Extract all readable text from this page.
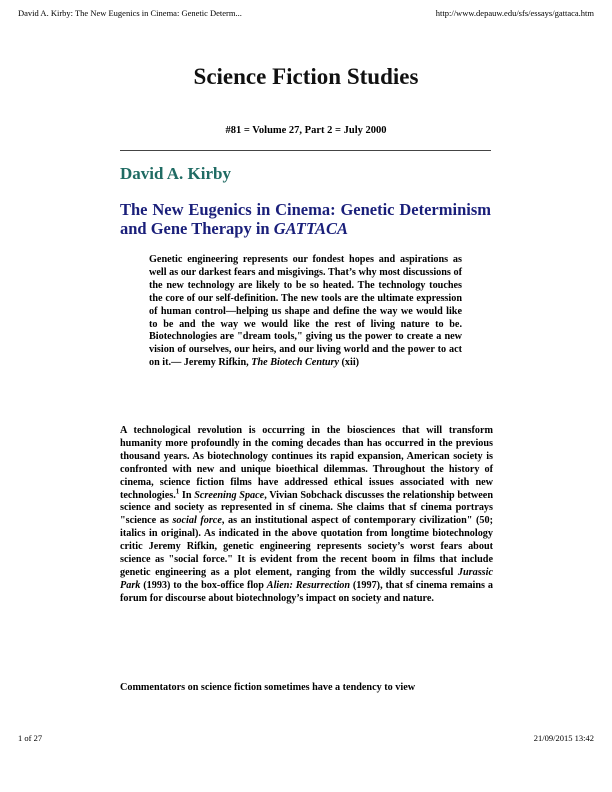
David A. Kirby: The New Eugenics in Cinema: Genetic Determ...	http://www.depauw.edu/sfs/essays/gattaca.htm
Science Fiction Studies

#81 = Volume 27, Part 2 = July 2000

David A. Kirby
The New Eugenics in Cinema: Genetic Determinism and Gene Therapy in GATTACA

Genetic engineering represents our fondest hopes and aspirations as well as our darkest fears and misgivings. That’s why most discussions of the new technology are likely to be so heated. The technology touches the core of our self-definition. The new tools are the ultimate expression of human control—helping us shape and define the way we would like to be and the way we would like the rest of living nature to be. Biotechnologies are "dream tools," giving us the power to create a new vision of ourselves, our heirs, and our living world and the power to act on it.— Jeremy Rifkin, The Biotech Century (xii)

A technological revolution is occurring in the biosciences that will transform humanity more profoundly in the coming decades than has occurred in the previous thousand years. As biotechnology continues its rapid expansion, American society is confronted with new and unique bioethical dilemmas. Throughout the history of cinema, science fiction films have addressed ethical issues associated with new technologies.$^1$ In Screening Space, Vivian Sobchack discusses the relationship between science and society as represented in sf cinema. She claims that sf cinema portrays "science as social force, as an institutional aspect of contemporary civilization" (50; italics in original). As indicated in the above quotation from longtime biotechnology critic Jeremy Rifkin, genetic engineering represents society’s worst fears about science as "social force." It is evident from the recent boom in films that include genetic engineering as a plot element, ranging from the wildly successful Jurassic Park (1993) to the box-office flop Alien: Resurrection (1997), that sf cinema remains a forum for discourse about biotechnology’s impact on society and nature.

Commentators on science fiction sometimes have a tendency to view

1 of 27	21/09/2015 13:42
